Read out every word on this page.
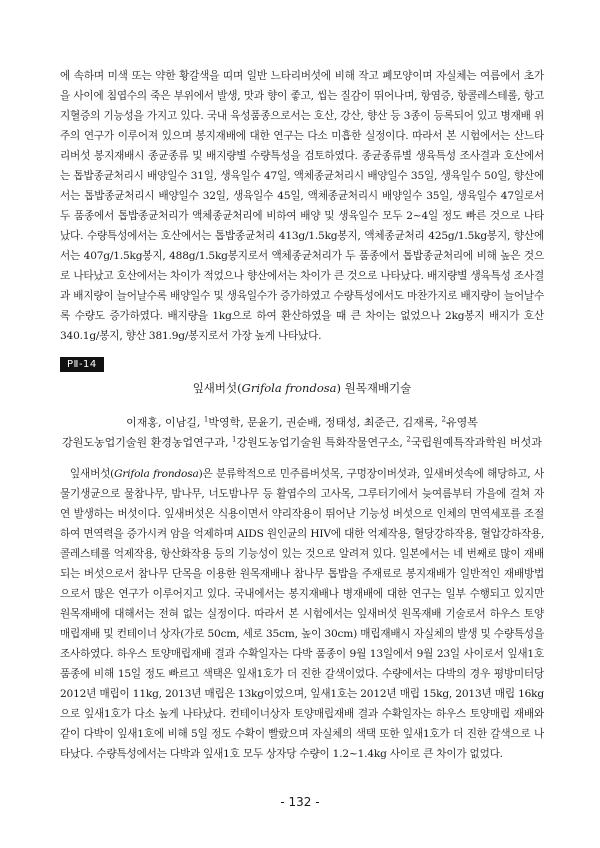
에 속하며 미색 또는 약한 황갈색을 띠며 일반 느타리버섯에 비해 작고 폐모양이며 자실체는 여름에서 초가을 사이에 침엽수의 죽은 부위에서 발생, 맛과 향이 좋고, 씹는 질감이 뛰어나며, 항염증, 항콜레스테롤, 항고지혈증의 기능성을 가지고 있다. 국내 육성품종으로서는 호산, 강산, 향산 등 3종이 등록되어 있고 병재배 위주의 연구가 이루어져 있으며 봉지재배에 대한 연구는 다소 미흡한 실정이다. 따라서 본 시험에서는 산느타리버섯 봉지재배시 종균종류 및 배지량별 수량특성을 검토하였다. 종균종류별 생육특성 조사결과 호산에서는 톱밥종균처리시 배양일수 31일, 생육일수 47일, 액체종균처리시 배양일수 35일, 생육일수 50일, 향산에서는 톱밥종균처리시 배양일수 32일, 생육일수 45일, 액체종균처리시 배양일수 35일, 생육일수 47일로서 두 품종에서 톱밥종균처리가 액체종균처리에 비하여 배양 및 생육일수 모두 2~4일 정도 빠른 것으로 나타났다. 수량특성에서는 호산에서는 톱밥종균처리 413g/1.5kg봉지, 액체종균처리 425g/1.5kg봉지, 향산에서는 407g/1.5kg봉지, 488g/1.5kg봉지로서 액체종균처리가 두 품종에서 톱밥종균처리에 비해 높은 것으로 나타났고 호산에서는 차이가 적었으나 향산에서는 차이가 큰 것으로 나타났다. 배지량별 생육특성 조사결과 배지량이 늘어날수록 배양일수 및 생육일수가 증가하였고 수량특성에서도 마찬가지로 배지량이 늘어날수록 수량도 증가하였다. 배지량을 1kg으로 하여 환산하였을 때 큰 차이는 없었으나 2kg봉지 배지가 호산 340.1g/봉지, 향산 381.9g/봉지로서 가장 높게 나타났다.

PⅡ-14

잎새버섯(Grifola frondosa) 원목재배기술

이재홍, 이남길, $^1$박영학, 문윤기, 권순배, 정태성, 최준근, 김재록, $^2$유영복

강원도농업기술원 환경농업연구과, $^1$강원도농업기술원 특화작물연구소, $^2$국립원예특작과학원 버섯과

잎새버섯(Grifola frondosa)은 분류학적으로 민주름버섯목, 구멍장이버섯과, 잎새버섯속에 해당하고, 사물기생균으로 물참나무, 밤나무, 너도밤나무 등 활엽수의 고사목, 그루터기에서 늦여름부터 가을에 걸쳐 자연 발생하는 버섯이다. 잎새버섯은 식용이면서 약리작용이 뛰어난 기능성 버섯으로 인체의 면역세포를 조절하여 면역력을 증가시켜 암을 억제하며 AIDS 원인균의 HIV에 대한 억제작용, 혈당강하작용, 혈압강하작용, 콜레스테롤 억제작용, 항산화작용 등의 기능성이 있는 것으로 알려져 있다. 일본에서는 네 번째로 많이 재배되는 버섯으로서 참나무 단목을 이용한 원목재배나 참나무 톱밥을 주재료로 봉지재배가 일반적인 재배방법으로서 많은 연구가 이루어지고 있다. 국내에서는 봉지재배나 병재배에 대한 연구는 일부 수행되고 있지만 원목재배에 대해서는 전혀 없는 실정이다. 따라서 본 시험에서는 잎새버섯 원목재배 기술로서 하우스 토양 매립재배 및 컨테이너 상자(가로 50cm, 세로 35cm, 높이 30cm) 매립재배시 자실체의 발생 및 수량특성을 조사하였다. 하우스 토양매립재배 결과 수확일자는 다박 품종이 9월 13일에서 9월 23일 사이로서 잎새1호 품종에 비해 15일 정도 빠르고 색택은 잎새1호가 더 진한 갈색이었다. 수량에서는 다박의 경우 평방미터당 2012년 매립이 11kg, 2013년 매립은 13kg이었으며, 잎새1호는 2012년 매립 15kg, 2013년 매립 16kg으로 잎새1호가 다소 높게 나타났다. 컨테이너상자 토양매립재배 결과 수확일자는 하우스 토양매립 재배와 같이 다박이 잎새1호에 비해 5일 정도 수확이 빨랐으며 자실체의 색택 또한 잎새1호가 더 진한 갈색으로 나타났다. 수량특성에서는 다박과 잎새1호 모두 상자당 수량이 1.2~1.4kg 사이로 큰 차이가 없었다.

- 132 -
